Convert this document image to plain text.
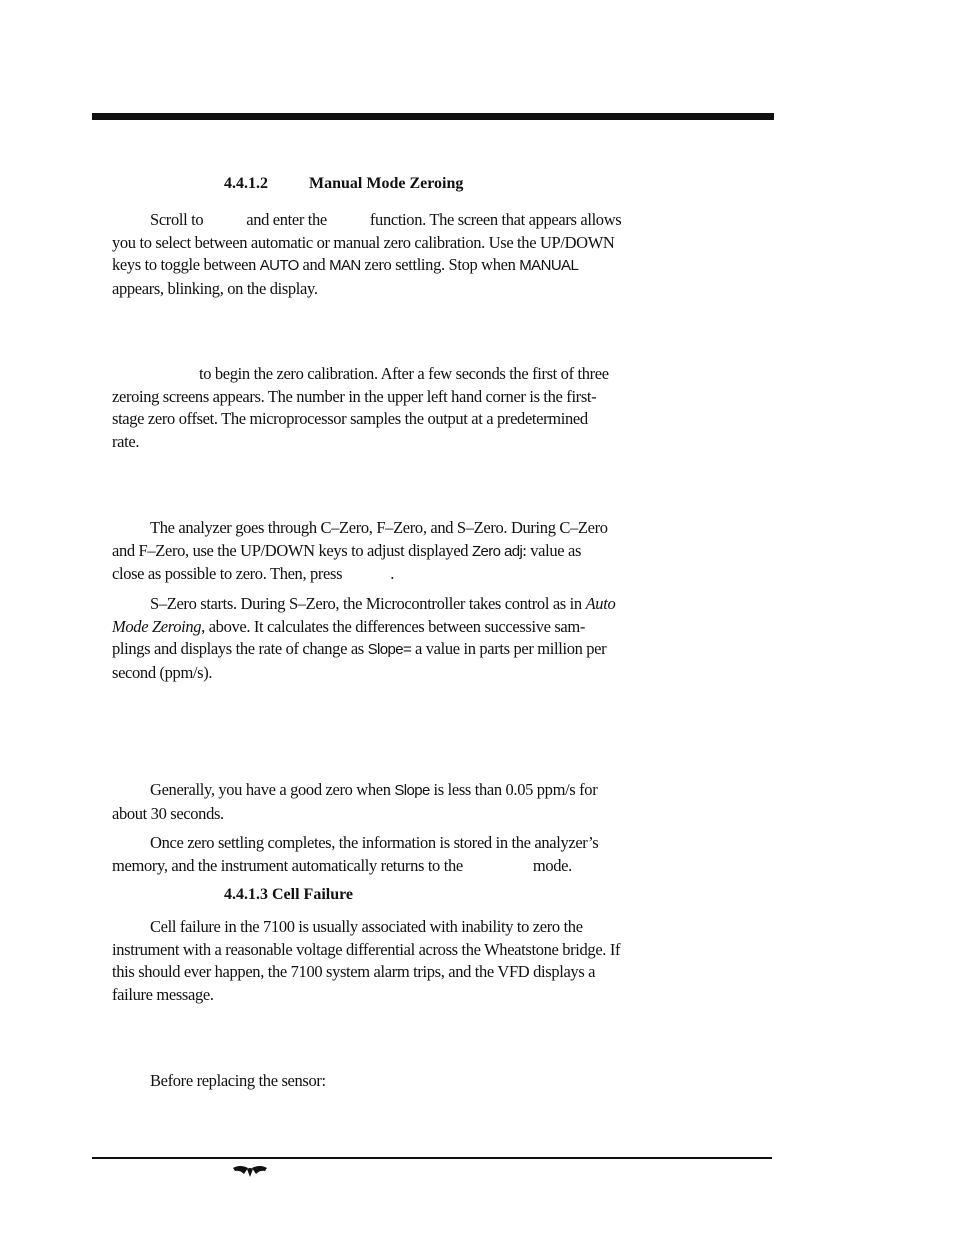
4.4.1.2	Manual Mode Zeroing

Scroll to	and enter the	function. The screen that appears allows
you to select between automatic or manual zero calibration. Use the UP/DOWN
keys to toggle between AUTO and MAN zero settling. Stop when MANUAL
appears, blinking, on the display.

to begin the zero calibration. After a few seconds the first of three
zeroing screens appears. The number in the upper left hand corner is the first-
stage zero offset. The microprocessor samples the output at a predetermined
rate.

The analyzer goes through C–Zero, F–Zero, and S–Zero. During C–Zero
and F–Zero, use the UP/DOWN keys to adjust displayed Zero adj: value as
close as possible to zero. Then, press	.

S–Zero starts. During S–Zero, the Microcontroller takes control as in Auto
Mode Zeroing, above. It calculates the differences between successive sam-
plings and displays the rate of change as Slope= a value in parts per million per
second (ppm/s).

Generally, you have a good zero when Slope is less than 0.05 ppm/s for
about 30 seconds.

Once zero settling completes, the information is stored in the analyzer’s
memory, and the instrument automatically returns to the	mode.

4.4.1.3 Cell Failure

Cell failure in the 7100 is usually associated with inability to zero the
instrument with a reasonable voltage differential across the Wheatstone bridge. If
this should ever happen, the 7100 system alarm trips, and the VFD displays a
failure message.

Before replacing the sensor:
